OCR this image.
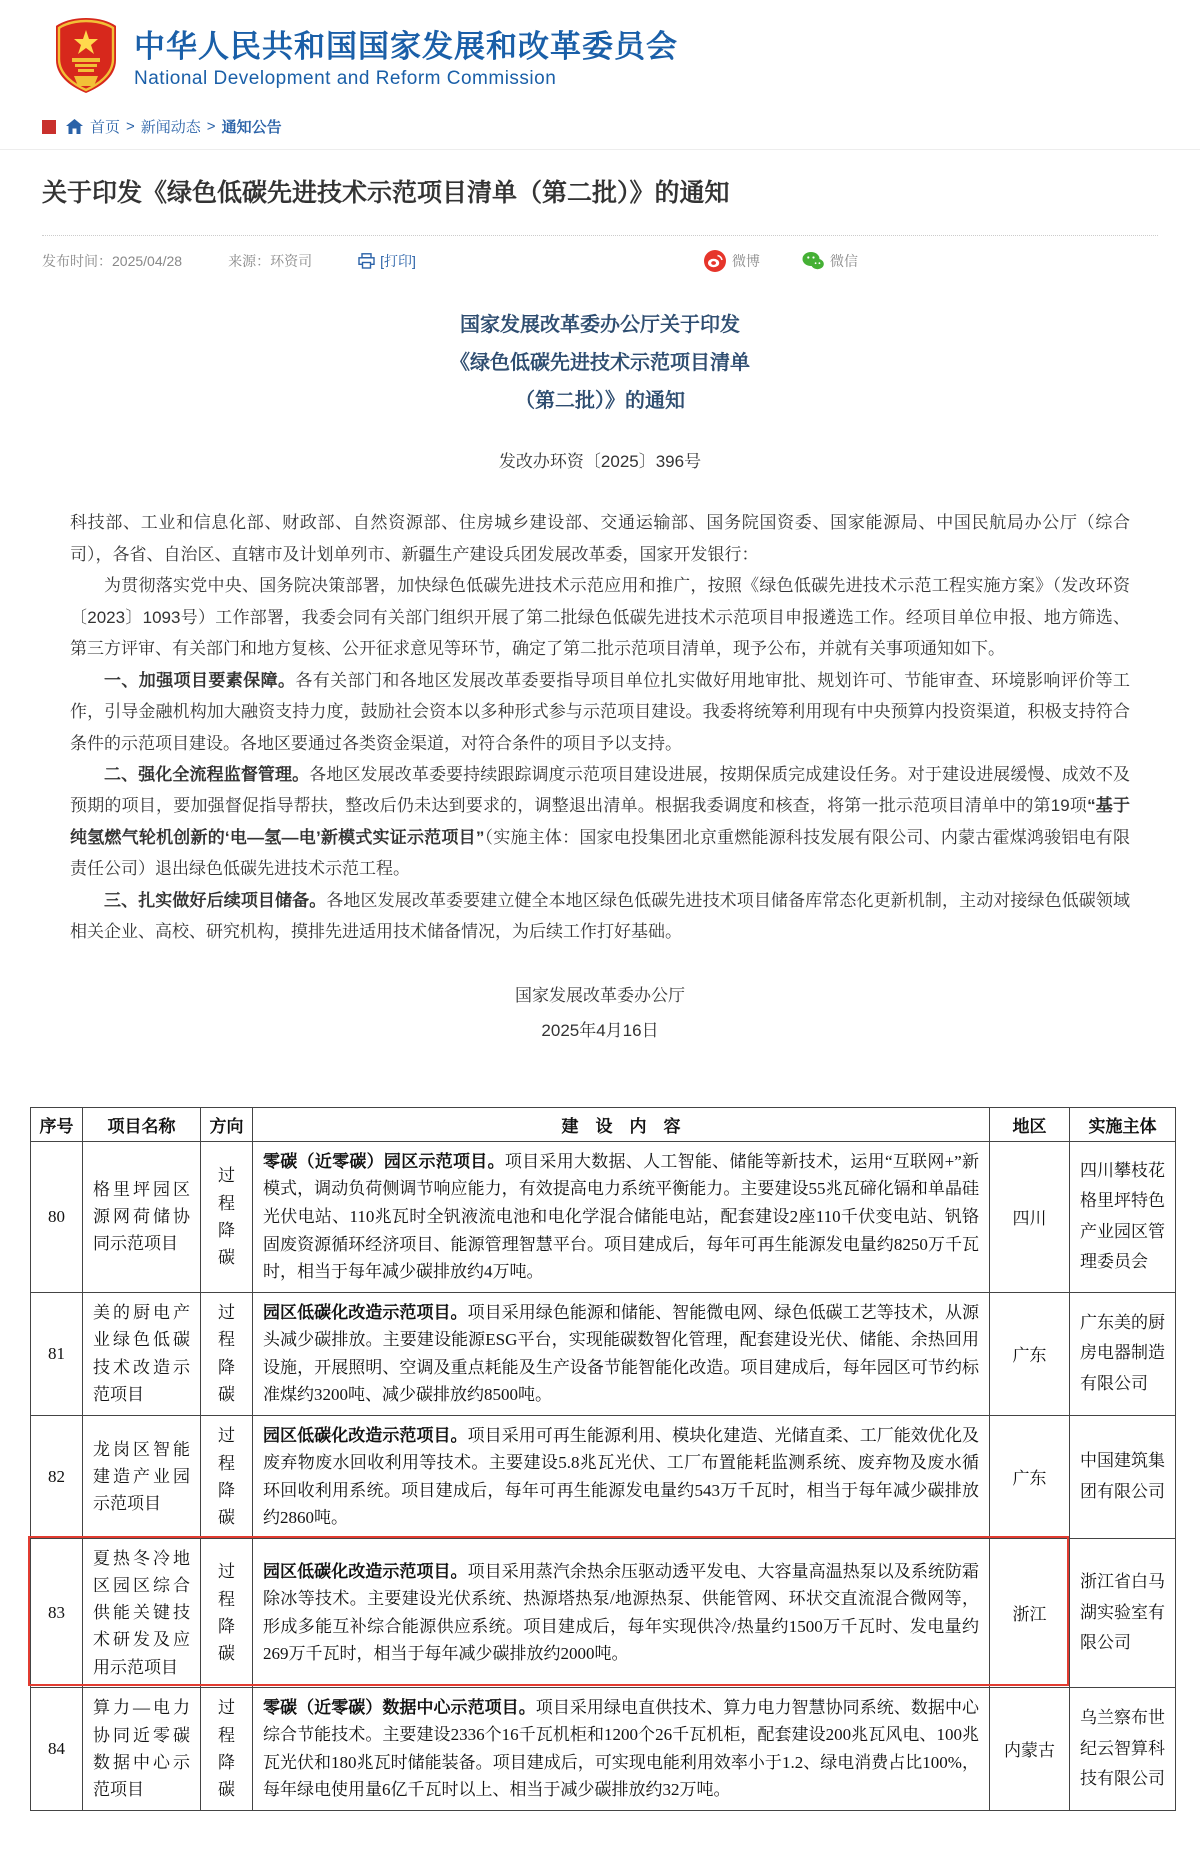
中华人民共和国国家发展和改革委员会
National Development and Reform Commission
首页 > 新闻动态 > 通知公告
关于印发《绿色低碳先进技术示范项目清单（第二批）》的通知
发布时间： 2025/04/28	来源： 环资司	[打印]	微博	微信
国家发展改革委办公厅关于印发
《绿色低碳先进技术示范项目清单
（第二批）》的通知
发改办环资〔2025〕396号

科技部、工业和信息化部、财政部、自然资源部、住房城乡建设部、交通运输部、国务院国资委、国家能源局、中国民航局办公厅（综合司），各省、自治区、直辖市及计划单列市、新疆生产建设兵团发展改革委，国家开发银行：

为贯彻落实党中央、国务院决策部署，加快绿色低碳先进技术示范应用和推广，按照《绿色低碳先进技术示范工程实施方案》（发改环资〔2023〕1093号）工作部署，我委会同有关部门组织开展了第二批绿色低碳先进技术示范项目申报遴选工作。经项目单位申报、地方筛选、第三方评审、有关部门和地方复核、公开征求意见等环节，确定了第二批示范项目清单，现予公布，并就有关事项通知如下。

一、加强项目要素保障。各有关部门和各地区发展改革委要指导项目单位扎实做好用地审批、规划许可、节能审查、环境影响评价等工作，引导金融机构加大融资支持力度，鼓励社会资本以多种形式参与示范项目建设。我委将统筹利用现有中央预算内投资渠道，积极支持符合条件的示范项目建设。各地区要通过各类资金渠道，对符合条件的项目予以支持。

二、强化全流程监督管理。各地区发展改革委要持续跟踪调度示范项目建设进展，按期保质完成建设任务。对于建设进展缓慢、成效不及预期的项目，要加强督促指导帮扶，整改后仍未达到要求的，调整退出清单。根据我委调度和核查，将第一批示范项目清单中的第19项“基于纯氢燃气轮机创新的‘电—氢—电’新模式实证示范项目”（实施主体：国家电投集团北京重燃能源科技发展有限公司、内蒙古霍煤鸿骏铝电有限责任公司）退出绿色低碳先进技术示范工程。

三、扎实做好后续项目储备。各地区发展改革委要建立健全本地区绿色低碳先进技术项目储备库常态化更新机制，主动对接绿色低碳领域相关企业、高校、研究机构，摸排先进适用技术储备情况，为后续工作打好基础。

国家发展改革委办公厅
2025年4月16日
序号	项目名称	方向	建　设　内　容	地区	实施主体
80	格里坪园区源网荷储协同示范项目	过程降碳	零碳（近零碳）园区示范项目。项目采用大数据、人工智能、储能等新技术，运用“互联网+”新模式，调动负荷侧调节响应能力，有效提高电力系统平衡能力。主要建设55兆瓦碲化镉和单晶硅光伏电站、110兆瓦时全钒液流电池和电化学混合储能电站，配套建设2座110千伏变电站、钒铬固废资源循环经济项目、能源管理智慧平台。项目建成后，每年可再生能源发电量约8250万千瓦时，相当于每年减少碳排放约4万吨。	四川	四川攀枝花格里坪特色产业园区管理委员会
81	美的厨电产业绿色低碳技术改造示范项目	过程降碳	园区低碳化改造示范项目。项目采用绿色能源和储能、智能微电网、绿色低碳工艺等技术，从源头减少碳排放。主要建设能源ESG平台，实现能碳数智化管理，配套建设光伏、储能、余热回用设施，开展照明、空调及重点耗能及生产设备节能智能化改造。项目建成后，每年园区可节约标准煤约3200吨、减少碳排放约8500吨。	广东	广东美的厨房电器制造有限公司
82	龙岗区智能建造产业园示范项目	过程降碳	园区低碳化改造示范项目。项目采用可再生能源利用、模块化建造、光储直柔、工厂能效优化及废弃物废水回收利用等技术。主要建设5.8兆瓦光伏、工厂布置能耗监测系统、废弃物及废水循环回收利用系统。项目建成后，每年可再生能源发电量约543万千瓦时，相当于每年减少碳排放约2860吨。	广东	中国建筑集团有限公司
83	夏热冬冷地区园区综合供能关键技术研发及应用示范项目	过程降碳	园区低碳化改造示范项目。项目采用蒸汽余热余压驱动透平发电、大容量高温热泵以及系统防霜除冰等技术。主要建设光伏系统、热源塔热泵/地源热泵、供能管网、环状交直流混合微网等，形成多能互补综合能源供应系统。项目建成后，每年实现供冷/热量约1500万千瓦时、发电量约269万千瓦时，相当于每年减少碳排放约2000吨。	浙江	浙江省白马湖实验室有限公司
84	算力—电力协同近零碳数据中心示范项目	过程降碳	零碳（近零碳）数据中心示范项目。项目采用绿电直供技术、算力电力智慧协同系统、数据中心综合节能技术。主要建设2336个16千瓦机柜和1200个26千瓦机柜，配套建设200兆瓦风电、100兆瓦光伏和180兆瓦时储能装备。项目建成后，可实现电能利用效率小于1.2、绿电消费占比100%，每年绿电使用量6亿千瓦时以上、相当于减少碳排放约32万吨。	内蒙古	乌兰察布世纪云智算科技有限公司
